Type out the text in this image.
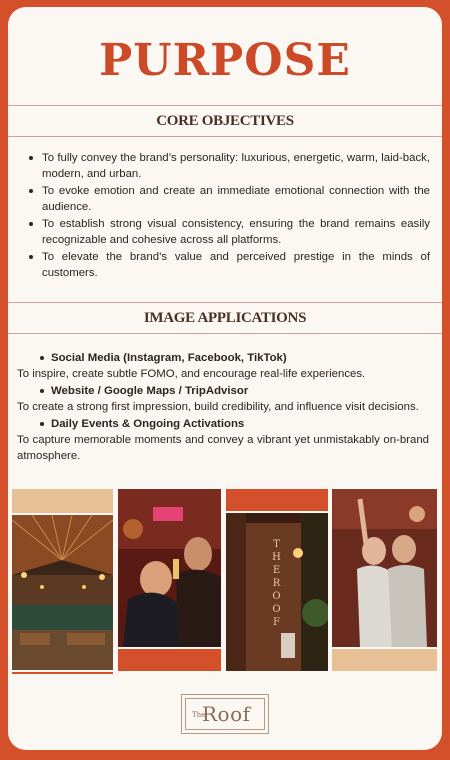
PURPOSE
CORE OBJECTIVES
To fully convey the brand’s personality: luxurious, energetic, warm, laid-back, modern, and urban.
To evoke emotion and create an immediate emotional connection with the audience.
To establish strong visual consistency, ensuring the brand remains easily recognizable and cohesive across all platforms.
To elevate the brand’s value and perceived prestige in the minds of customers.
IMAGE APPLICATIONS
Social Media (Instagram, Facebook, TikTok)
To inspire, create subtle FOMO, and encourage real-life experiences.
Website / Google Maps / TripAdvisor
To create a strong first impression, build credibility, and influence visit decisions.
Daily Events & Ongoing Activations
To capture memorable moments and convey a vibrant yet unmistakably on-brand atmosphere.
THEROOF
The
Roof
